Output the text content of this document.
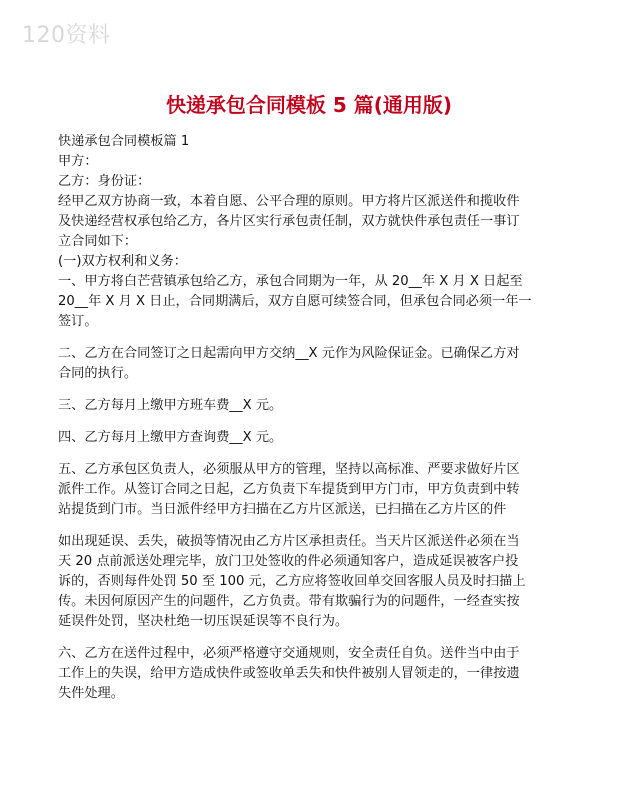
120资料
快递承包合同模板 5 篇(通用版)
快递承包合同模板篇 1
甲方：
乙方：身份证：
经甲乙双方协商一致，本着自愿、公平合理的原则。甲方将片区派送件和揽收件
及快递经营权承包给乙方，各片区实行承包责任制，双方就快件承包责任一事订
立合同如下：
(一)双方权利和义务：
一、甲方将白芒营镇承包给乙方，承包合同期为一年，从 20__年 X 月 X 日起至
20__年 X 月 X 日止，合同期满后，双方自愿可续签合同，但承包合同必须一年一
签订。
二、乙方在合同签订之日起需向甲方交纳__X 元作为风险保证金。已确保乙方对
合同的执行。
三、乙方每月上缴甲方班车费__X 元。
四、乙方每月上缴甲方查询费__X 元。
五、乙方承包区负责人，必须服从甲方的管理，坚持以高标准、严要求做好片区
派件工作。从签订合同之日起，乙方负责下车提货到甲方门市，甲方负责到中转
站提货到门市。当日派件经甲方扫描在乙方片区派送，已扫描在乙方片区的件
如出现延误、丢失，破损等情况由乙方片区承担责任。当天片区派送件必须在当
天 20 点前派送处理完毕，放门卫处签收的件必须通知客户，造成延误被客户投
诉的，否则每件处罚 50 至 100 元，乙方应将签收回单交回客服人员及时扫描上
传。未因何原因产生的问题件，乙方负责。带有欺骗行为的问题件，一经查实按
延误件处罚，坚决杜绝一切压误延误等不良行为。
六、乙方在送件过程中，必须严格遵守交通规则，安全责任自负。送件当中由于
工作上的失误，给甲方造成快件或签收单丢失和快件被别人冒领走的，一律按遗
失件处理。
